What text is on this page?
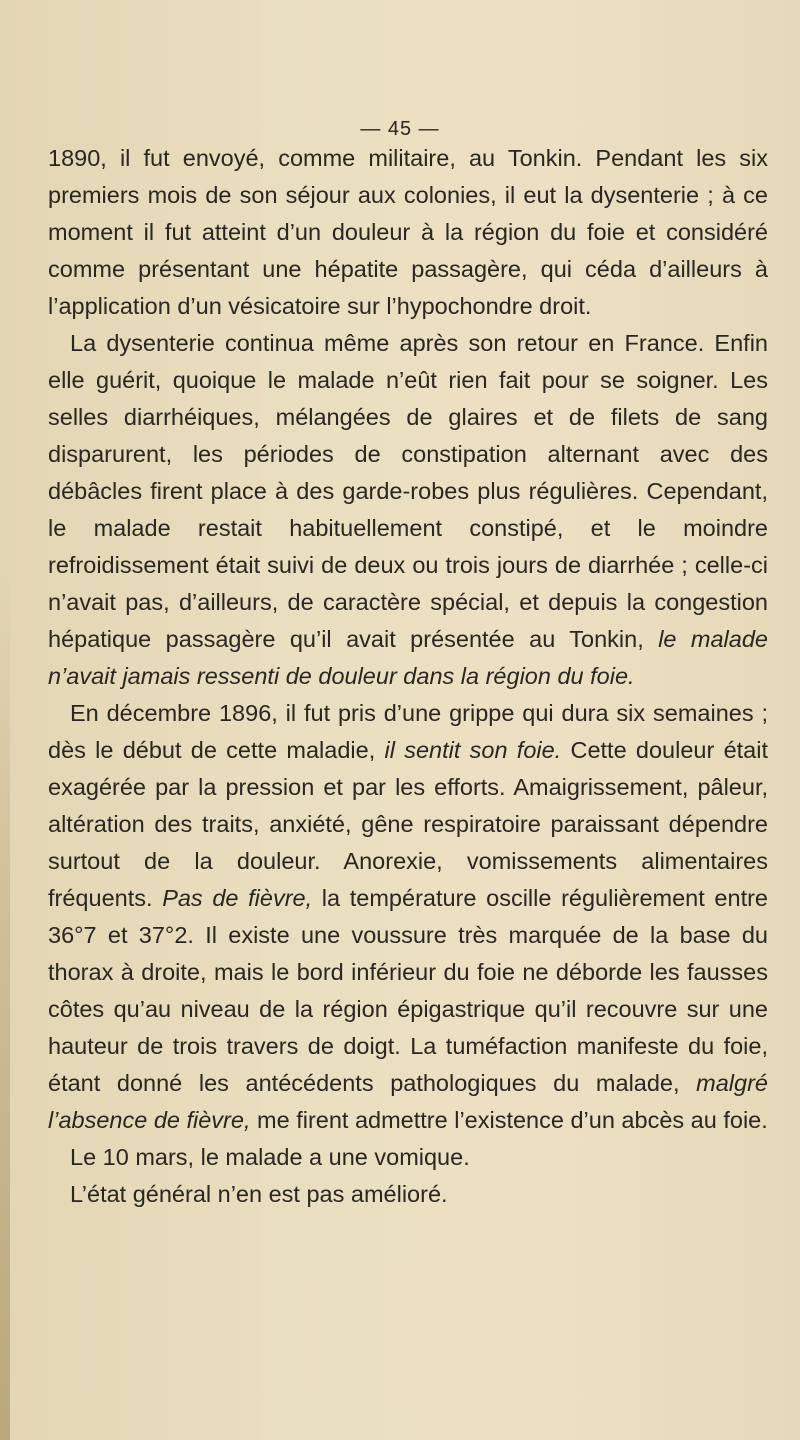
— 45 —

1890, il fut envoyé, comme militaire, au Tonkin. Pendant les six premiers mois de son séjour aux colonies, il eut la dysenterie ; à ce moment il fut atteint d’un douleur à la région du foie et considéré comme présentant une hépatite passagère, qui céda d’ailleurs à l’application d’un vésicatoire sur l’hypochondre droit.

La dysenterie continua même après son retour en France. Enfin elle guérit, quoique le malade n’eût rien fait pour se soigner. Les selles diarrhéiques, mélangées de glaires et de filets de sang disparurent, les périodes de constipation alternant avec des débâcles firent place à des garde-robes plus régulières. Cependant, le malade restait habituellement constipé, et le moindre refroidissement était suivi de deux ou trois jours de diarrhée ; celle-ci n’avait pas, d’ailleurs, de caractère spécial, et depuis la congestion hépatique passagère qu’il avait présentée au Tonkin, le malade n’avait jamais ressenti de douleur dans la région du foie.

En décembre 1896, il fut pris d’une grippe qui dura six semaines ; dès le début de cette maladie, il sentit son foie. Cette douleur était exagérée par la pression et par les efforts. Amaigrissement, pâleur, altération des traits, anxiété, gêne respiratoire paraissant dépendre surtout de la douleur. Anorexie, vomissements alimentaires fréquents. Pas de fièvre, la température oscille régulièrement entre 36°7 et 37°2. Il existe une voussure très marquée de la base du thorax à droite, mais le bord inférieur du foie ne déborde les fausses côtes qu’au niveau de la région épigastrique qu’il recouvre sur une hauteur de trois travers de doigt. La tuméfaction manifeste du foie, étant donné les antécédents pathologiques du malade, malgré l’absence de fièvre, me firent admettre l’existence d’un abcès au foie.

Le 10 mars, le malade a une vomique.

L’état général n’en est pas amélioré.
